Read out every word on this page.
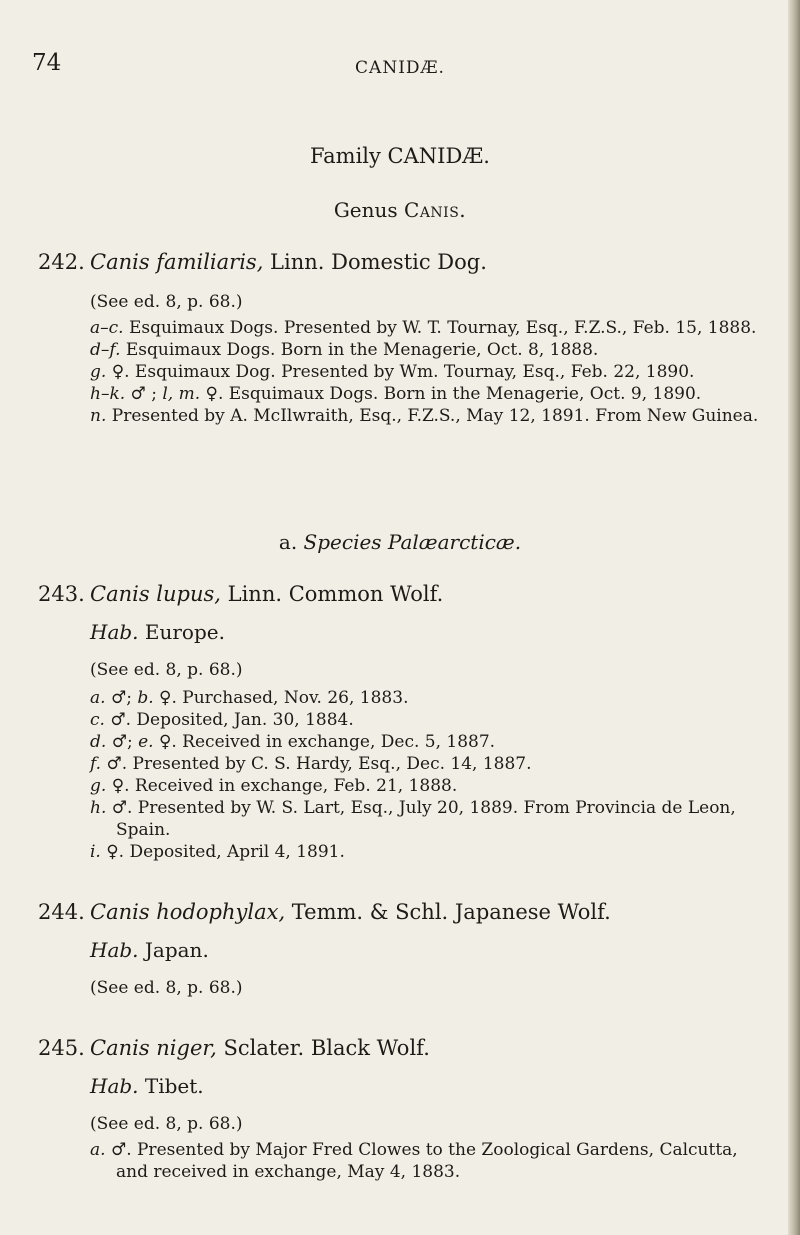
74	CANIDÆ.
Family CANIDÆ.
Genus Canis.
242. Canis familiaris, Linn. Domestic Dog.
(See ed. 8, p. 68.)
a–c. Esquimaux Dogs. Presented by W. T. Tournay, Esq., F.Z.S., Feb. 15, 1888.
d–f. Esquimaux Dogs. Born in the Menagerie, Oct. 8, 1888.
g. ♀. Esquimaux Dog. Presented by Wm. Tournay, Esq., Feb. 22, 1890.
h–k. ♂ ; l, m. ♀. Esquimaux Dogs. Born in the Menagerie, Oct. 9, 1890.
n. Presented by A. McIlwraith, Esq., F.Z.S., May 12, 1891. From New Guinea.
a. Species Palæarcticæ.
243. Canis lupus, Linn. Common Wolf.
Hab. Europe.
(See ed. 8, p. 68.)
a. ♂; b. ♀. Purchased, Nov. 26, 1883.
c. ♂. Deposited, Jan. 30, 1884.
d. ♂; e. ♀. Received in exchange, Dec. 5, 1887.
f. ♂. Presented by C. S. Hardy, Esq., Dec. 14, 1887.
g. ♀. Received in exchange, Feb. 21, 1888.
h. ♂. Presented by W. S. Lart, Esq., July 20, 1889. From Provincia de Leon, Spain.
i. ♀. Deposited, April 4, 1891.
244. Canis hodophylax, Temm. & Schl. Japanese Wolf.
Hab. Japan.
(See ed. 8, p. 68.)
245. Canis niger, Sclater. Black Wolf.
Hab. Tibet.
(See ed. 8, p. 68.)
a. ♂. Presented by Major Fred Clowes to the Zoological Gardens, Calcutta, and received in exchange, May 4, 1883.
